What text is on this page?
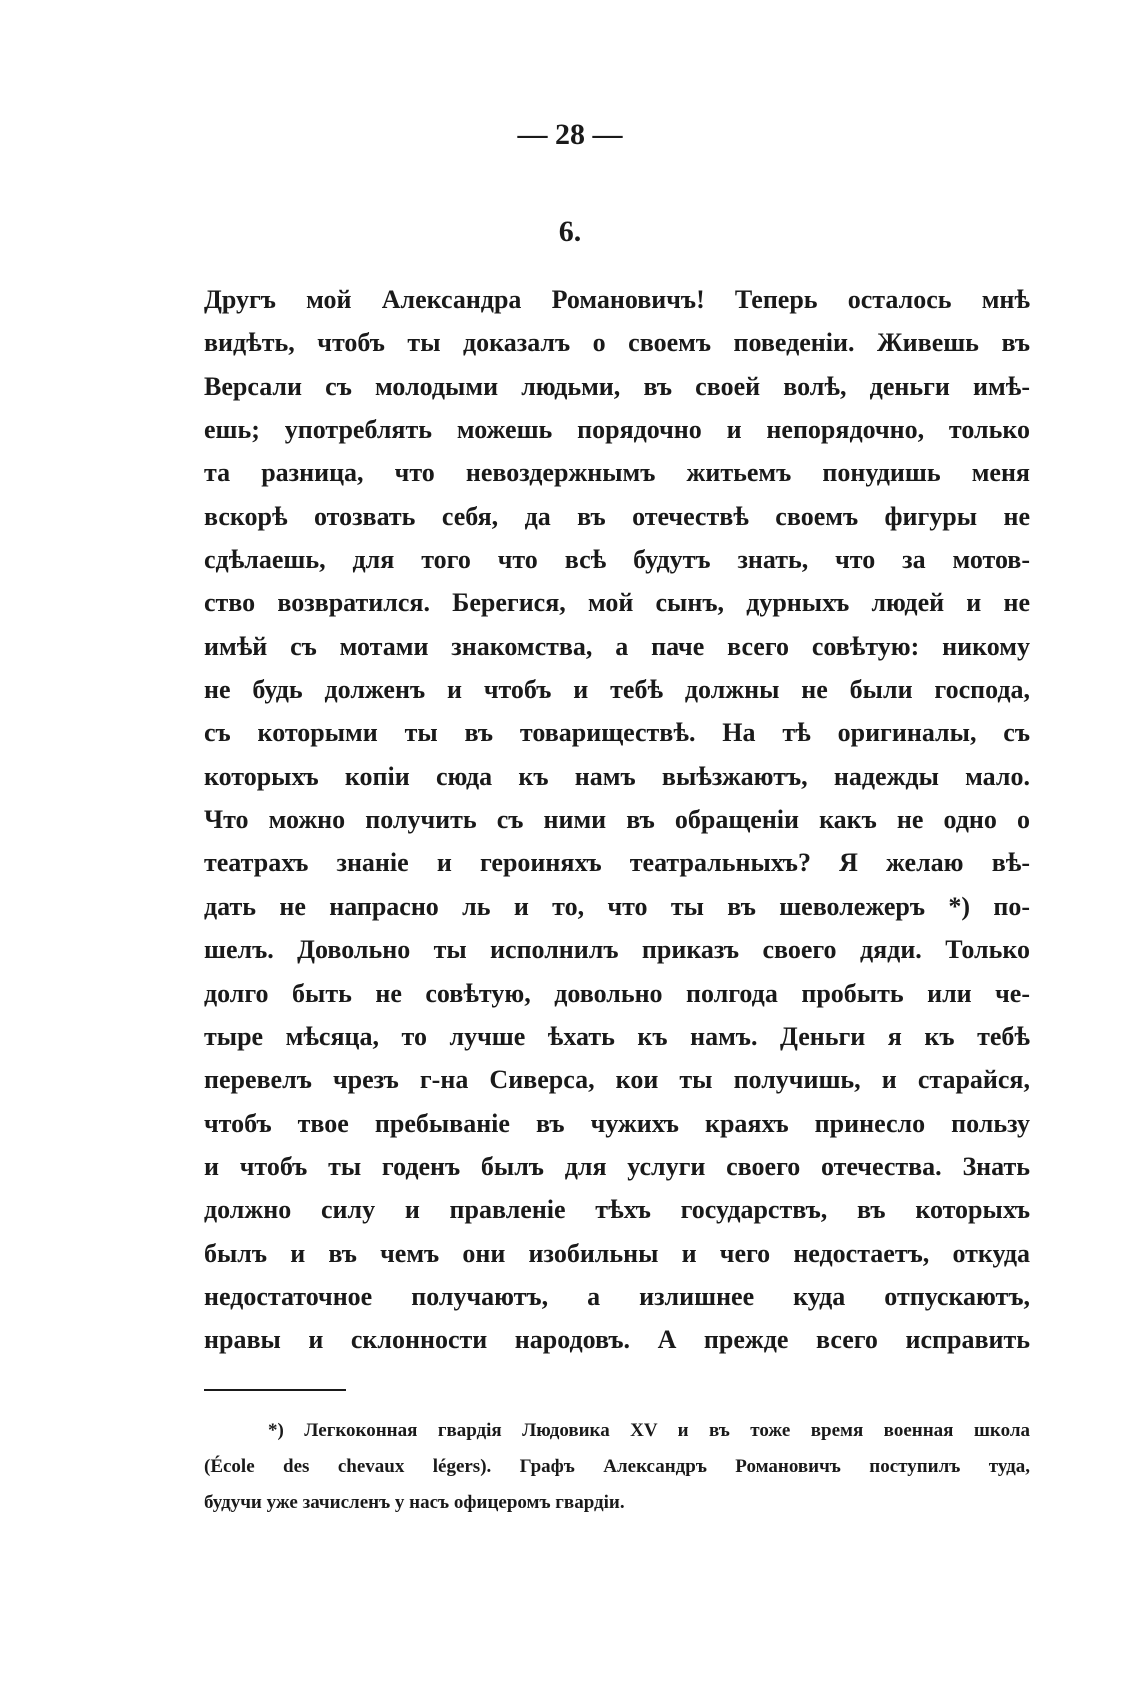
— 28 —
6.
Другъ мой Александра Романовичъ! Теперь осталось мнѣ
видѣть, чтобъ ты доказалъ о своемъ поведеніи. Живешь въ
Версали съ молодыми людьми, въ своей волѣ, деньги имѣ-
ешь; употреблять можешь порядочно и непорядочно, только
та разница, что невоздержнымъ житьемъ понудишь меня
вскорѣ отозвать себя, да въ отечествѣ своемъ фигуры не
сдѣлаешь, для того что всѣ будутъ знать, что за мотов-
ство возвратился. Берегися, мой сынъ, дурныхъ людей и не
имѣй съ мотами знакомства, а паче всего совѣтую: никому
не будь долженъ и чтобъ и тебѣ должны не были господа,
съ которыми ты въ товариществѣ. На тѣ оригиналы, съ
которыхъ копіи сюда къ намъ выѣзжаютъ, надежды мало.
Что можно получить съ ними въ обращеніи какъ не одно о
театрахъ знаніе и героиняхъ театральныхъ? Я желаю вѣ-
дать не напрасно ль и то, что ты въ шеволежеръ *) по-
шелъ. Довольно ты исполнилъ приказъ своего дяди. Только
долго быть не совѣтую, довольно полгода пробыть или че-
тыре мѣсяца, то лучше ѣхать къ намъ. Деньги я къ тебѣ
перевелъ чрезъ г-на Сиверса, кои ты получишь, и старайся,
чтобъ твое пребываніе въ чужихъ краяхъ принесло пользу
и чтобъ ты годенъ былъ для услуги своего отечества. Знать
должно силу и правленіе тѣхъ государствъ, въ которыхъ
былъ и въ чемъ они изобильны и чего недостаетъ, откуда
недостаточное получаютъ, а излишнее куда отпускаютъ,
нравы и склонности народовъ. А прежде всего исправить
*) Легкоконная гвардія Людовика XV и въ тоже время военная школа
(École des chevaux légers). Графъ Александръ Романовичъ поступилъ туда,
будучи уже зачисленъ у насъ офицеромъ гвардіи.
